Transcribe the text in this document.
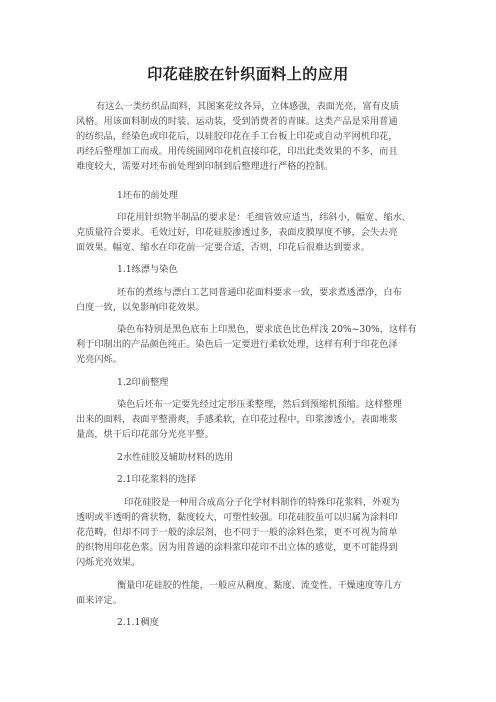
印花硅胶在针织面料上的应用
有这么一类纺织品面料，其图案花纹各异，立体感强，表面光亮，富有皮质
风格。用该面料制成的时装、运动装，受到消费者的青睐。这类产品是采用普通
的纺织品，经染色或印花后，以硅胶印花在手工台板上印花或自动平网机印花，
再经后整理加工而成。用传统圆网印花机直接印花，印出此类效果的不多，而且
难度较大，需要对坯布前处理到印制到后整理进行严格的控制。
1坯布的前处理
印花用针织物半制品的要求是：毛细管效应适当，纬斜小，幅宽、缩水、
克质量符合要求。毛效过好，印花硅胶渗透过多，表面皮膜厚度不够，会失去亮
面效果。幅宽、缩水在印花前一定要合适，否则，印花后很难达到要求。
1.1练漂与染色
坯布的煮练与漂白工艺同普通印花面料要求一致，要求煮透漂净，白布
白度一致，以免影响印花效果。
染色布特别是黑色底布上印黑色，要求底色比色样浅 20%~30%，这样有
利于印制出的产品颜色纯正。染色后一定要进行柔软处理，这样有利于印花色泽
光亮闪烁。
1.2印前整理
染色后坯布一定要先经过定形压柔整理，然后到预缩机预缩。这样整理
出来的面料，表面平整滑爽，手感柔软，在印花过程中，印浆渗透小，表面堆浆
量高，烘干后印花部分光亮平整。
2水性硅胶及辅助材料的选用
2.1印花浆料的选择
印花硅胶是一种用合成高分子化学材料制作的特殊印花浆料，外观为
透明或半透明的膏状物，黏度较大，可塑性较强。印花硅胶虽可以归属为涂料印
花范畴，但却不同于一般的涂层剂，也不同于一般的涂料色浆，更不可视为简单
的织物用印花色浆。因为用普通的涂料浆印花印不出立体的感觉，更不可能得到
闪烁光亮效果。
衡量印花硅胶的性能，一般应从稠度、黏度、流变性、干燥速度等几方
面来评定。
2.1.1稠度
